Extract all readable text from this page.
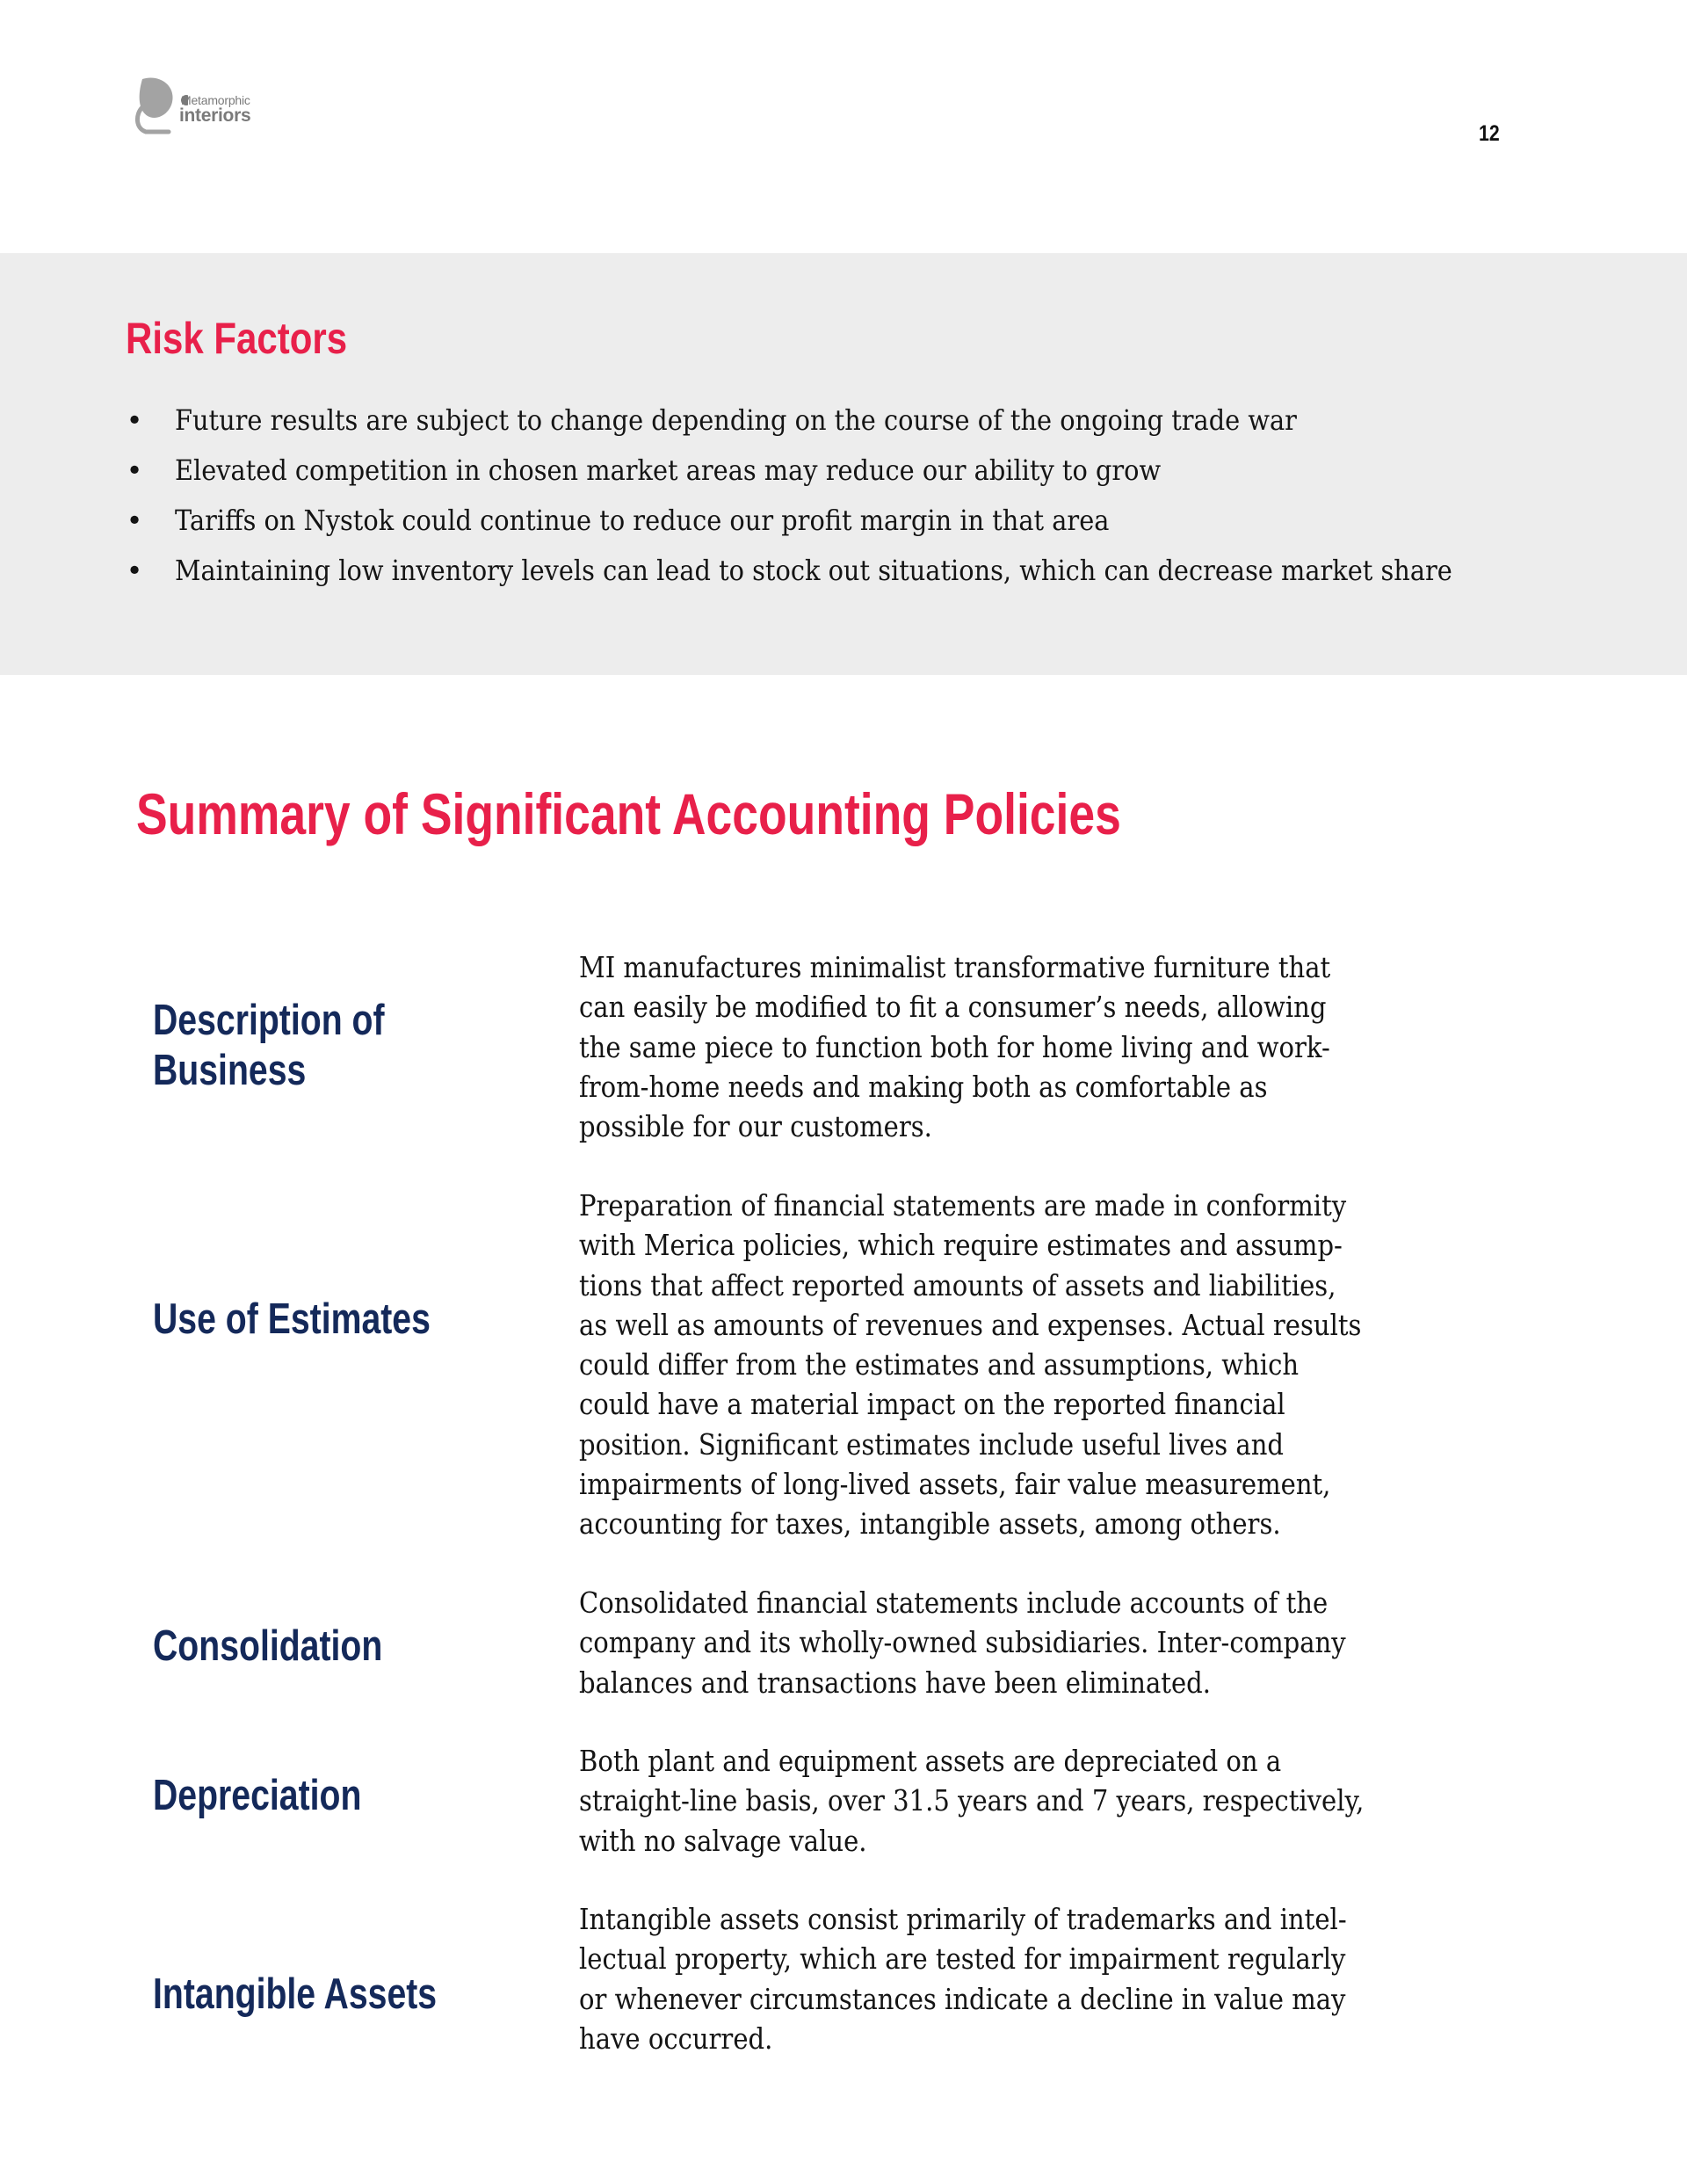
Metamorphic
interiors
12
Risk Factors
• Future results are subject to change depending on the course of the ongoing trade war
• Elevated competition in chosen market areas may reduce our ability to grow
• Tariffs on Nystok could continue to reduce our profit margin in that area
• Maintaining low inventory levels can lead to stock out situations, which can decrease market share
Summary of Significant Accounting Policies
Description of
Business

MI manufactures minimalist transformative furniture that
can easily be modified to fit a consumer’s needs, allowing
the same piece to function both for home living and work-
from-home needs and making both as comfortable as
possible for our customers.

Use of Estimates

Preparation of financial statements are made in conformity
with Merica policies, which require estimates and assump-
tions that affect reported amounts of assets and liabilities,
as well as amounts of revenues and expenses. Actual results
could differ from the estimates and assumptions, which
could have a material impact on the reported financial
position. Significant estimates include useful lives and
impairments of long-lived assets, fair value measurement,
accounting for taxes, intangible assets, among others.

Consolidation

Consolidated financial statements include accounts of the
company and its wholly-owned subsidiaries. Inter-company
balances and transactions have been eliminated.

Depreciation

Both plant and equipment assets are depreciated on a
straight-line basis, over 31.5 years and 7 years, respectively,
with no salvage value.

Intangible Assets

Intangible assets consist primarily of trademarks and intel-
lectual property, which are tested for impairment regularly
or whenever circumstances indicate a decline in value may
have occurred.
